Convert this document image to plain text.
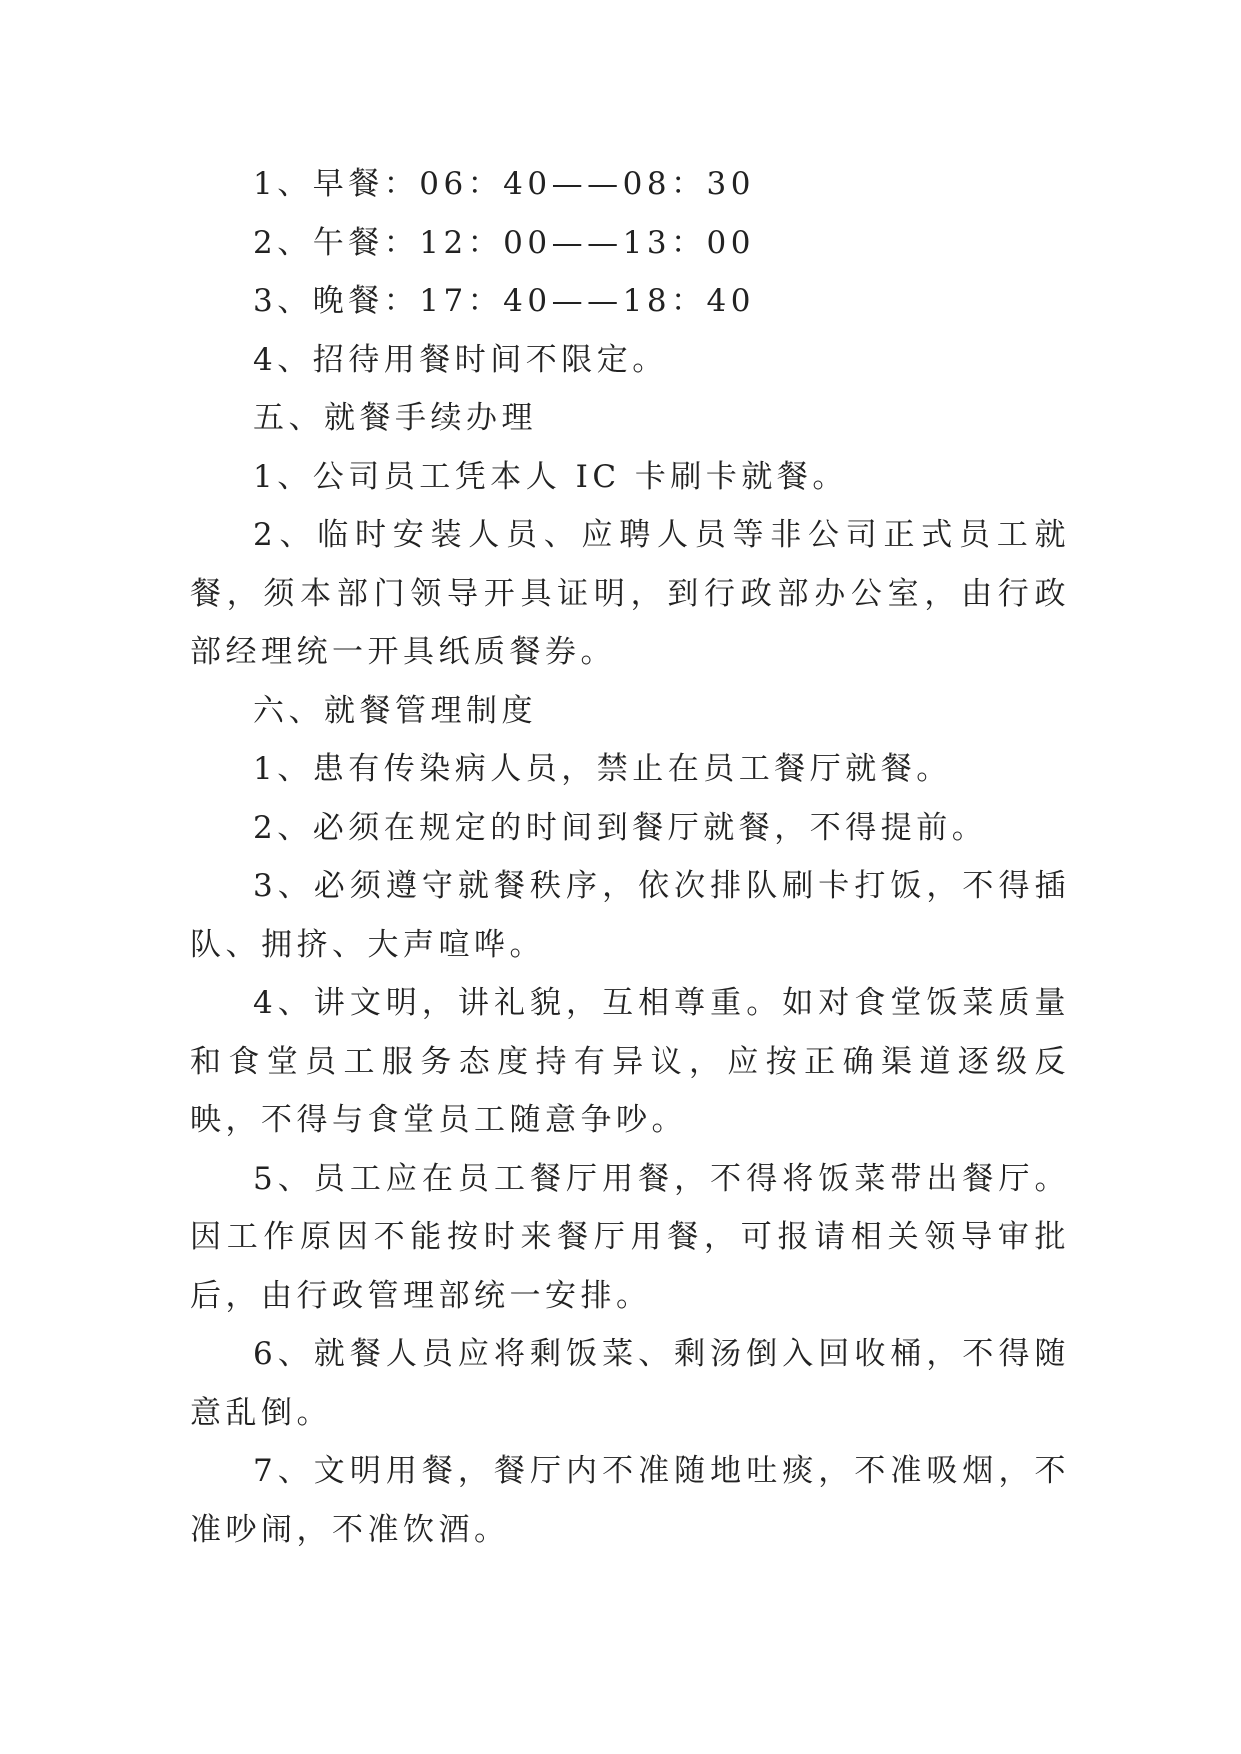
1、早餐：06：40——08：30

2、午餐：12：00——13：00

3、晚餐：17：40——18：40

4、招待用餐时间不限定。

五、就餐手续办理

1、公司员工凭本人 IC 卡刷卡就餐。

2、临时安装人员、应聘人员等非公司正式员工就餐，须本部门领导开具证明，到行政部办公室，由行政部经理统一开具纸质餐券。

六、就餐管理制度

1、患有传染病人员，禁止在员工餐厅就餐。

2、必须在规定的时间到餐厅就餐，不得提前。

3、必须遵守就餐秩序，依次排队刷卡打饭，不得插队、拥挤、大声喧哗。

4、讲文明，讲礼貌，互相尊重。如对食堂饭菜质量和食堂员工服务态度持有异议，应按正确渠道逐级反映，不得与食堂员工随意争吵。

5、员工应在员工餐厅用餐，不得将饭菜带出餐厅。因工作原因不能按时来餐厅用餐，可报请相关领导审批后，由行政管理部统一安排。

6、就餐人员应将剩饭菜、剩汤倒入回收桶，不得随意乱倒。

7、文明用餐，餐厅内不准随地吐痰，不准吸烟，不准吵闹，不准饮酒。
